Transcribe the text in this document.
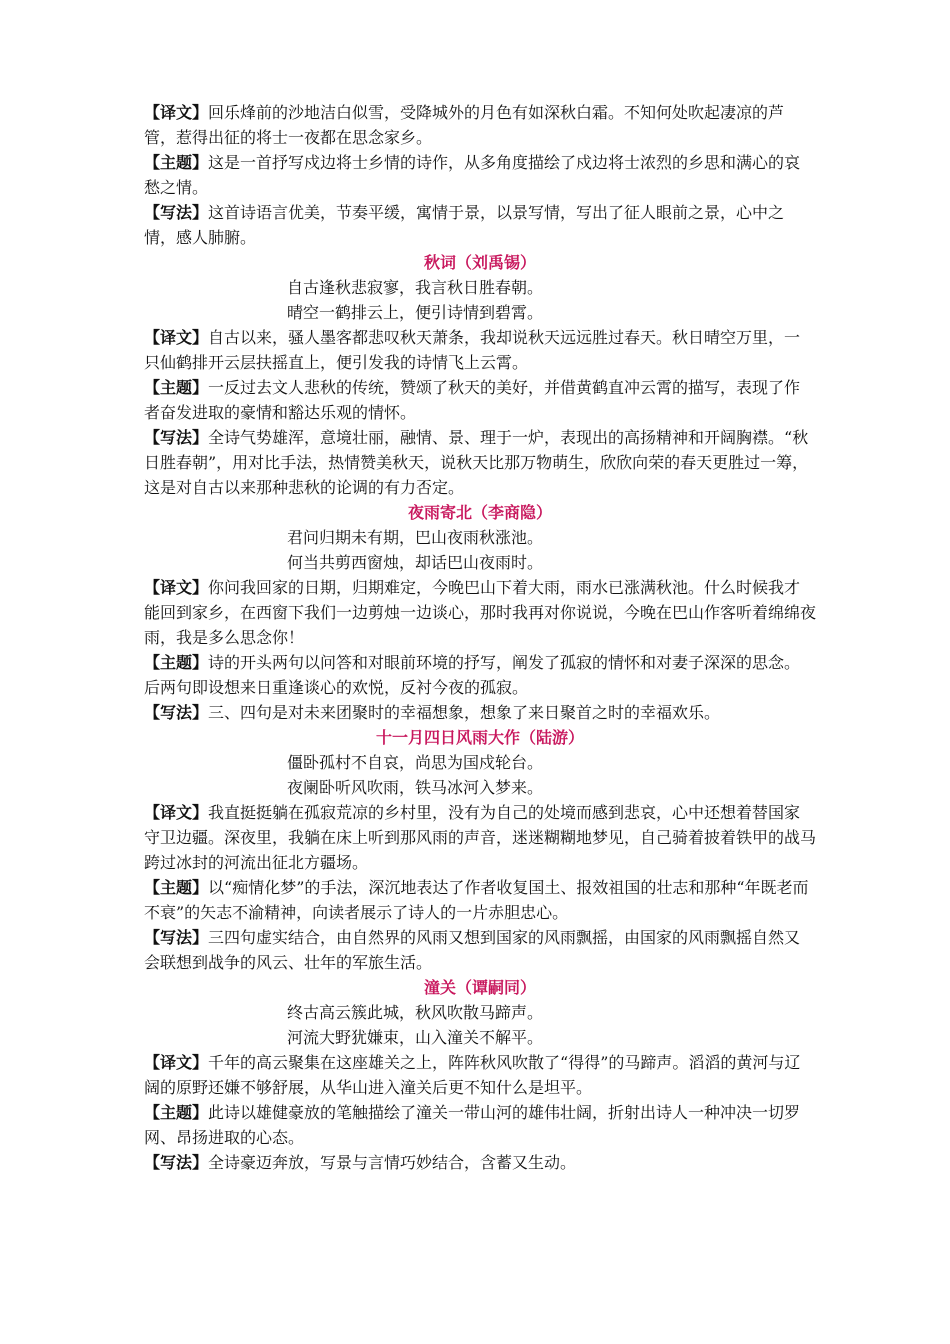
【译文】回乐烽前的沙地洁白似雪，受降城外的月色有如深秋白霜。不知何处吹起凄凉的芦管，惹得出征的将士一夜都在思念家乡。

【主题】这是一首抒写戍边将士乡情的诗作，从多角度描绘了戍边将士浓烈的乡思和满心的哀愁之情。

【写法】这首诗语言优美，节奏平缓，寓情于景，以景写情，写出了征人眼前之景，心中之情，感人肺腑。

秋词（刘禹锡）

自古逢秋悲寂寥，我言秋日胜春朝。

晴空一鹤排云上，便引诗情到碧霄。

【译文】自古以来，骚人墨客都悲叹秋天萧条，我却说秋天远远胜过春天。秋日晴空万里，一只仙鹤排开云层扶摇直上，便引发我的诗情飞上云霄。

【主题】一反过去文人悲秋的传统，赞颂了秋天的美好，并借黄鹤直冲云霄的描写，表现了作者奋发进取的豪情和豁达乐观的情怀。

【写法】全诗气势雄浑，意境壮丽，融情、景、理于一炉，表现出的高扬精神和开阔胸襟。“秋日胜春朝”，用对比手法，热情赞美秋天，说秋天比那万物萌生，欣欣向荣的春天更胜过一筹，这是对自古以来那种悲秋的论调的有力否定。

夜雨寄北（李商隐）

君问归期未有期，巴山夜雨秋涨池。

何当共剪西窗烛，却话巴山夜雨时。

【译文】你问我回家的日期，归期难定，今晚巴山下着大雨，雨水已涨满秋池。什么时候我才能回到家乡，在西窗下我们一边剪烛一边谈心，那时我再对你说说，今晚在巴山作客听着绵绵夜雨，我是多么思念你！

【主题】诗的开头两句以问答和对眼前环境的抒写，阐发了孤寂的情怀和对妻子深深的思念。后两句即设想来日重逢谈心的欢悦，反衬今夜的孤寂。

【写法】三、四句是对未来团聚时的幸福想象，想象了来日聚首之时的幸福欢乐。

十一月四日风雨大作（陆游）

僵卧孤村不自哀，尚思为国戍轮台。

夜阑卧听风吹雨，铁马冰河入梦来。

【译文】我直挺挺躺在孤寂荒凉的乡村里，没有为自己的处境而感到悲哀，心中还想着替国家守卫边疆。深夜里，我躺在床上听到那风雨的声音，迷迷糊糊地梦见，自己骑着披着铁甲的战马跨过冰封的河流出征北方疆场。

【主题】以“痴情化梦”的手法，深沉地表达了作者收复国土、报效祖国的壮志和那种“年既老而不衰”的矢志不渝精神，向读者展示了诗人的一片赤胆忠心。

【写法】三四句虚实结合，由自然界的风雨又想到国家的风雨飘摇，由国家的风雨飘摇自然又会联想到战争的风云、壮年的军旅生活。

潼关（谭嗣同）

终古高云簇此城，秋风吹散马蹄声。

河流大野犹嫌束，山入潼关不解平。

【译文】千年的高云聚集在这座雄关之上，阵阵秋风吹散了“得得”的马蹄声。滔滔的黄河与辽阔的原野还嫌不够舒展，从华山进入潼关后更不知什么是坦平。

【主题】此诗以雄健豪放的笔触描绘了潼关一带山河的雄伟壮阔，折射出诗人一种冲决一切罗网、昂扬进取的心态。

【写法】全诗豪迈奔放，写景与言情巧妙结合，含蓄又生动。
